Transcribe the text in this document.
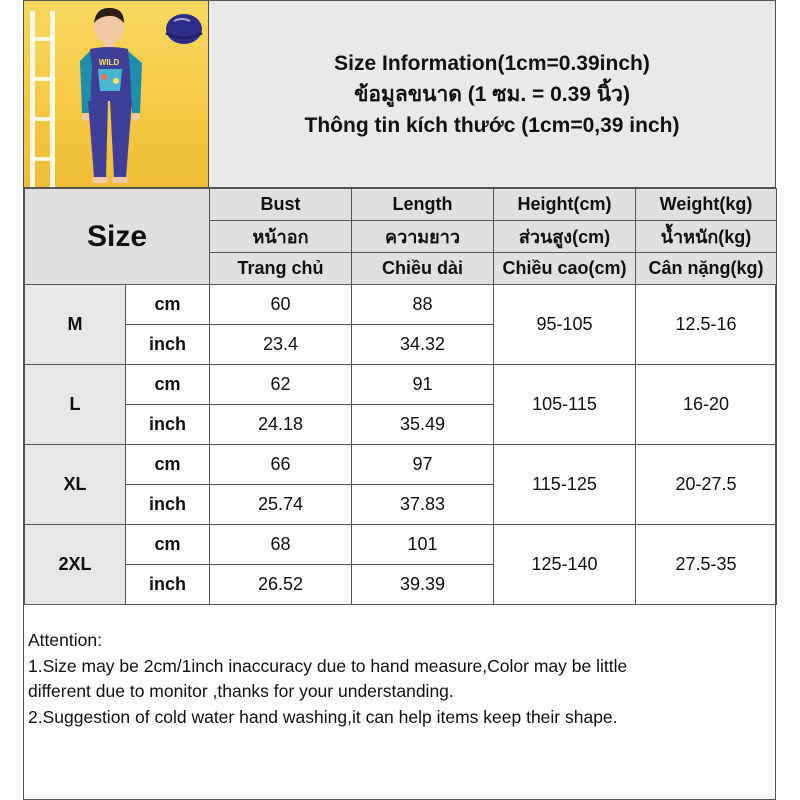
WILD	Size Information(1cm=0.39inch)
ข้อมูลขนาด (1 ซม. = 0.39 นิ้ว)
Thông tin kích thước (1cm=0,39 inch)
Size		Bust	Length	Height(cm)	Weight(kg)
		หน้าอก	ความยาว	ส่วนสูง(cm)	น้ำหนัก(kg)
		Trang chủ	Chiều dài	Chiều cao(cm)	Cân nặng(kg)
M	cm	60	88	95-105	12.5-16
	inch	23.4	34.32		
L	cm	62	91	105-115	16-20
	inch	24.18	35.49		
XL	cm	66	97	115-125	20-27.5
	inch	25.74	37.83		
2XL	cm	68	101	125-140	27.5-35
	inch	26.52	39.39		
Attention:
1.Size may be 2cm/1inch inaccuracy due to hand measure,Color may be little
different due to monitor ,thanks for your understanding.
2.Suggestion of cold water hand washing,it can help items keep their shape.
